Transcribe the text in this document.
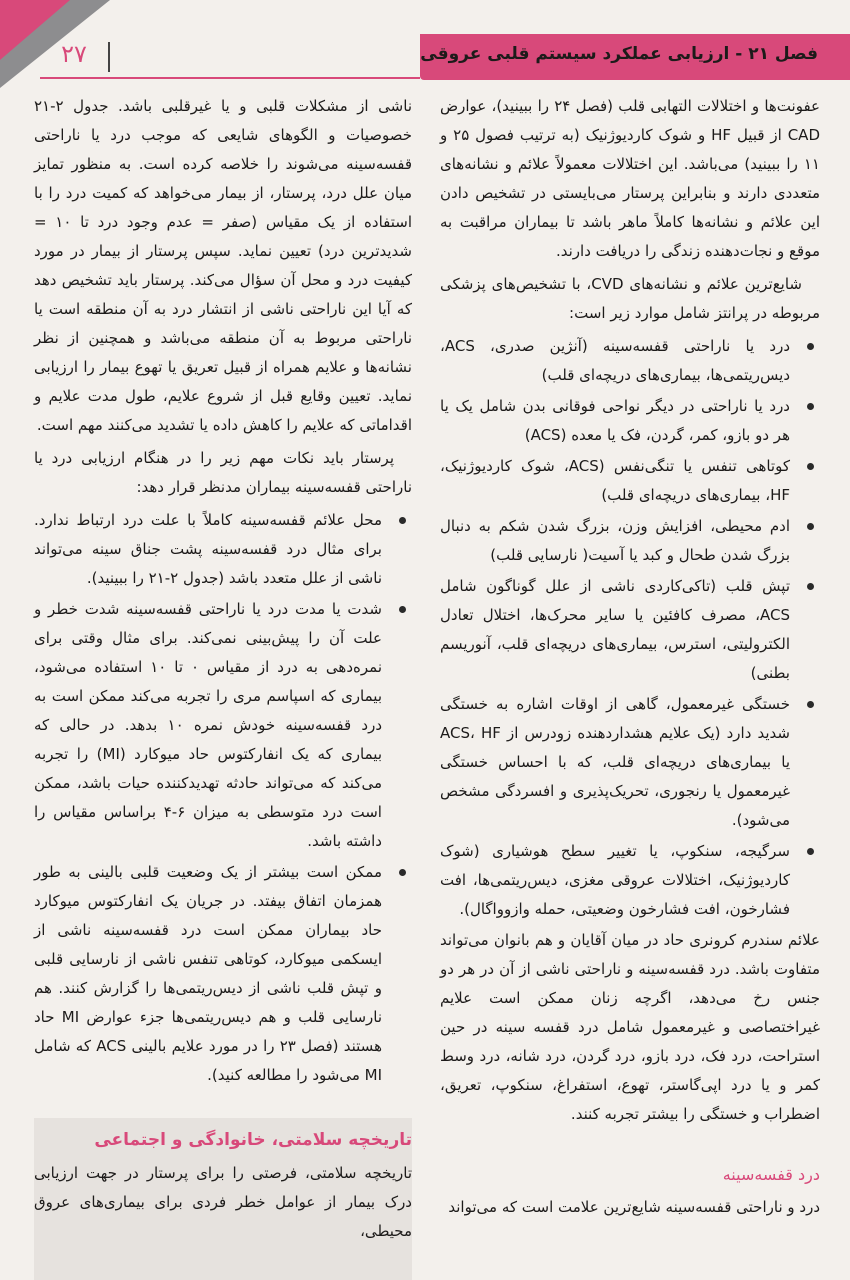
فصل ۲۱ - ارزیابی عملکرد سیستم قلبی عروقی
۲۷

عفونت‌ها و اختلالات التهابی قلب (فصل ۲۴ را ببینید)، عوارض CAD از قبیل HF و شوک کاردیوژنیک (به ترتیب فصول ۲۵ و ۱۱ را ببینید) می‌باشد. این اختلالات معمولاً علائم و نشانه‌های متعددی دارند و بنابراین پرستار می‌بایستی در تشخیص دادن این علائم و نشانه‌ها کاملاً ماهر باشد تا بیماران مراقبت به موقع و نجات‌دهنده زندگی را دریافت دارند.

شایع‌ترین علائم و نشانه‌های CVD، با تشخیص‌های پزشکی مربوطه در پرانتز شامل موارد زیر است:

درد یا ناراحتی قفسه‌سینه (آنژین صدری، ACS، دیس‌ریتمی‌ها، بیماری‌های دریچه‌ای قلب)
درد یا ناراحتی در دیگر نواحی فوقانی بدن شامل یک یا هر دو بازو، کمر، گردن، فک یا معده (ACS)
کوتاهی تنفس یا تنگی‌نفس (ACS، شوک کاردیوژنیک، HF، بیماری‌های دریچه‌ای قلب)
ادم محیطی، افزایش وزن، بزرگ شدن شکم به دنبال بزرگ شدن طحال و کبد یا آسیت( نارسایی قلب)
تپش قلب (تاکی‌کاردی ناشی از علل گوناگون شامل ACS، مصرف کافئین یا سایر محرک‌ها، اختلال تعادل الکترولیتی، استرس، بیماری‌های دریچه‌ای قلب، آنوریسم بطنی)
خستگی غیرمعمول، گاهی از اوقات اشاره به خستگی شدید دارد (یک علایم هشداردهنده زودرس از ACS، HF یا بیماری‌های دریچه‌ای قلب، که با احساس خستگی غیرمعمول یا رنجوری، تحریک‌پذیری و افسردگی مشخص می‌شود).
سرگیجه، سنکوپ، یا تغییر سطح هوشیاری (شوک کاردیوژنیک، اختلالات عروقی مغزی، دیس‌ریتمی‌ها، افت فشارخون، افت فشارخون وضعیتی، حمله وازوواگال).

علائم سندرم کرونری حاد در میان آقایان و هم بانوان می‌تواند متفاوت باشد. درد قفسه‌سینه و ناراحتی ناشی از آن در هر دو جنس رخ می‌دهد، اگرچه زنان ممکن است علایم غیراختصاصی و غیرمعمول شامل درد قفسه سینه در حین استراحت، درد فک، درد بازو، درد گردن، درد شانه، درد وسط کمر و یا درد اپی‌گاستر، تهوع، استفراغ، سنکوپ، تعریق، اضطراب و خستگی را بیشتر تجربه کنند.

درد قفسه‌سینه

درد و ناراحتی قفسه‌سینه شایع‌ترین علامت است که می‌تواند

ناشی از مشکلات قلبی و یا غیرقلبی باشد. جدول ۲-۲۱ خصوصیات و الگوهای شایعی که موجب درد یا ناراحتی قفسه‌سینه می‌شوند را خلاصه کرده است. به منظور تمایز میان علل درد، پرستار، از بیمار می‌خواهد که کمیت درد را با استفاده از یک مقیاس (صفر = عدم وجود درد تا ۱۰ = شدیدترین درد) تعیین نماید. سپس پرستار از بیمار در مورد کیفیت درد و محل آن سؤال می‌کند. پرستار باید تشخیص دهد که آیا این ناراحتی ناشی از انتشار درد به آن منطقه است یا ناراحتی مربوط به آن منطقه می‌باشد و همچنین از نظر نشانه‌ها و علایم همراه از قبیل تعریق یا تهوع بیمار را ارزیابی نماید. تعیین وقایع قبل از شروع علایم، طول مدت علایم و اقداماتی که علایم را کاهش داده یا تشدید می‌کنند مهم است.

پرستار باید نکات مهم زیر را در هنگام ارزیابی درد یا ناراحتی قفسه‌سینه بیماران مدنظر قرار دهد:

محل علائم قفسه‌سینه کاملاً با علت درد ارتباط ندارد. برای مثال درد قفسه‌سینه پشت جناق سینه می‌تواند ناشی از علل متعدد باشد (جدول ۲-۲۱ را ببینید).
شدت یا مدت درد یا ناراحتی قفسه‌سینه شدت خطر و علت آن را پیش‌بینی نمی‌کند. برای مثال وقتی برای نمره‌دهی به درد از مقیاس ۰ تا ۱۰ استفاده می‌شود، بیماری که اسپاسم مری را تجربه می‌کند ممکن است به درد قفسه‌سینه خودش نمره ۱۰ بدهد. در حالی که بیماری که یک انفارکتوس حاد میوکارد (MI) را تجربه می‌کند که می‌تواند حادثه تهدیدکننده حیات باشد، ممکن است درد متوسطی به میزان ۶-۴ براساس مقیاس را داشته باشد.
ممکن است بیشتر از یک وضعیت قلبی بالینی به طور همزمان اتفاق بیفتد. در جریان یک انفارکتوس میوکارد حاد بیماران ممکن است درد قفسه‌سینه ناشی از ایسکمی میوکارد، کوتاهی تنفس ناشی از نارسایی قلبی و تپش قلب ناشی از دیس‌ریتمی‌ها را گزارش کنند. هم نارسایی قلب و هم دیس‌ریتمی‌ها جزء عوارض MI حاد هستند (فصل ۲۳ را در مورد علایم بالینی ACS که شامل MI می‌شود را مطالعه کنید).
تاریخچه سلامتی، خانوادگی و اجتماعی

تاریخچه سلامتی، فرصتی را برای پرستار در جهت ارزیابی درک بیمار از عوامل خطر فردی برای بیماری‌های عروق محیطی،
